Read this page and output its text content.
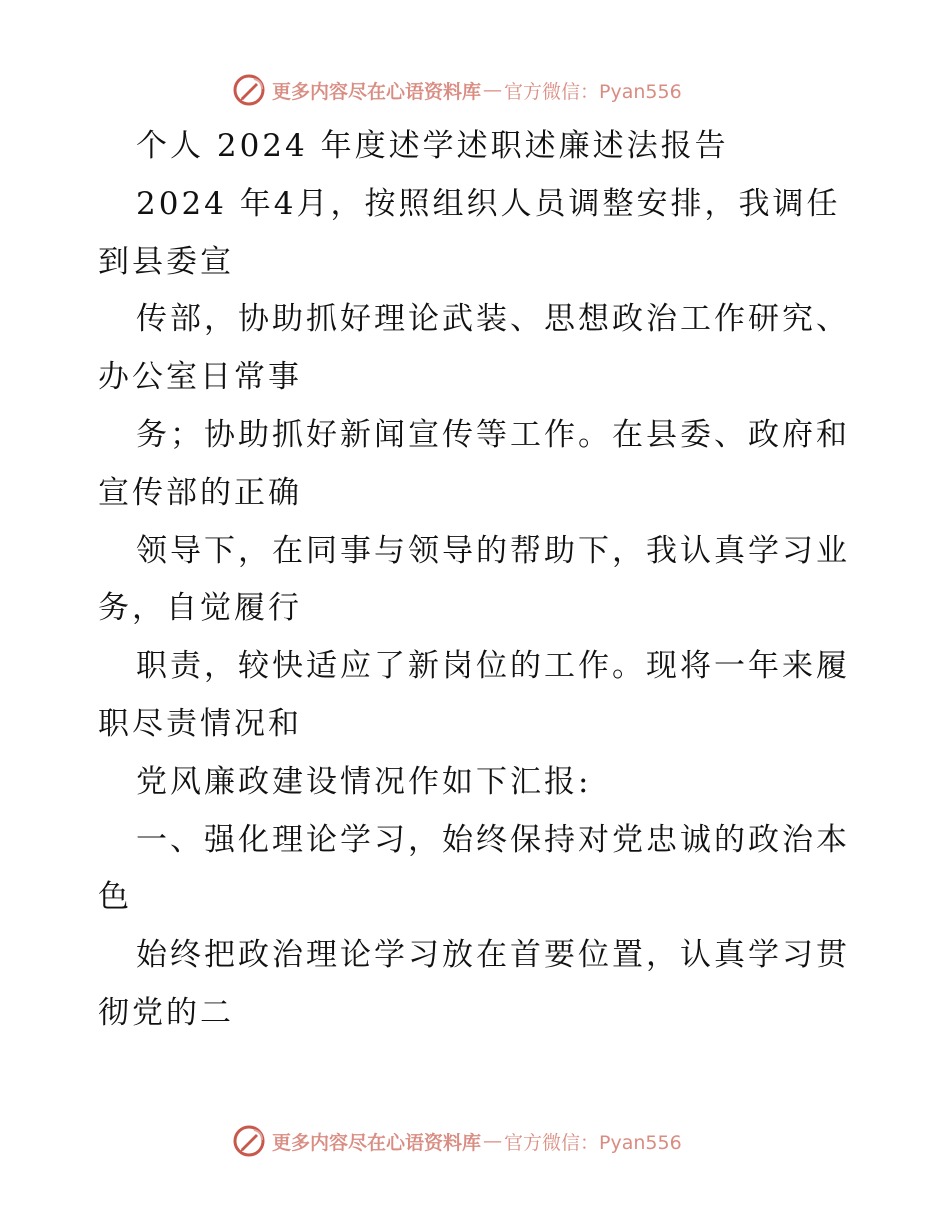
更多内容尽在心语资料库 — 官方微信：Pyan556
个人 2024 年度述学述职述廉述法报告
2024 年4月，按照组织人员调整安排，我调任
到县委宣
传部，协助抓好理论武装、思想政治工作研究、
办公室日常事
务；协助抓好新闻宣传等工作。在县委、政府和
宣传部的正确
领导下，在同事与领导的帮助下，我认真学习业
务，自觉履行
职责，较快适应了新岗位的工作。现将一年来履
职尽责情况和
党风廉政建设情况作如下汇报:
一、强化理论学习，始终保持对党忠诚的政治本
色
始终把政治理论学习放在首要位置，认真学习贯
彻党的二
更多内容尽在心语资料库 — 官方微信：Pyan556
